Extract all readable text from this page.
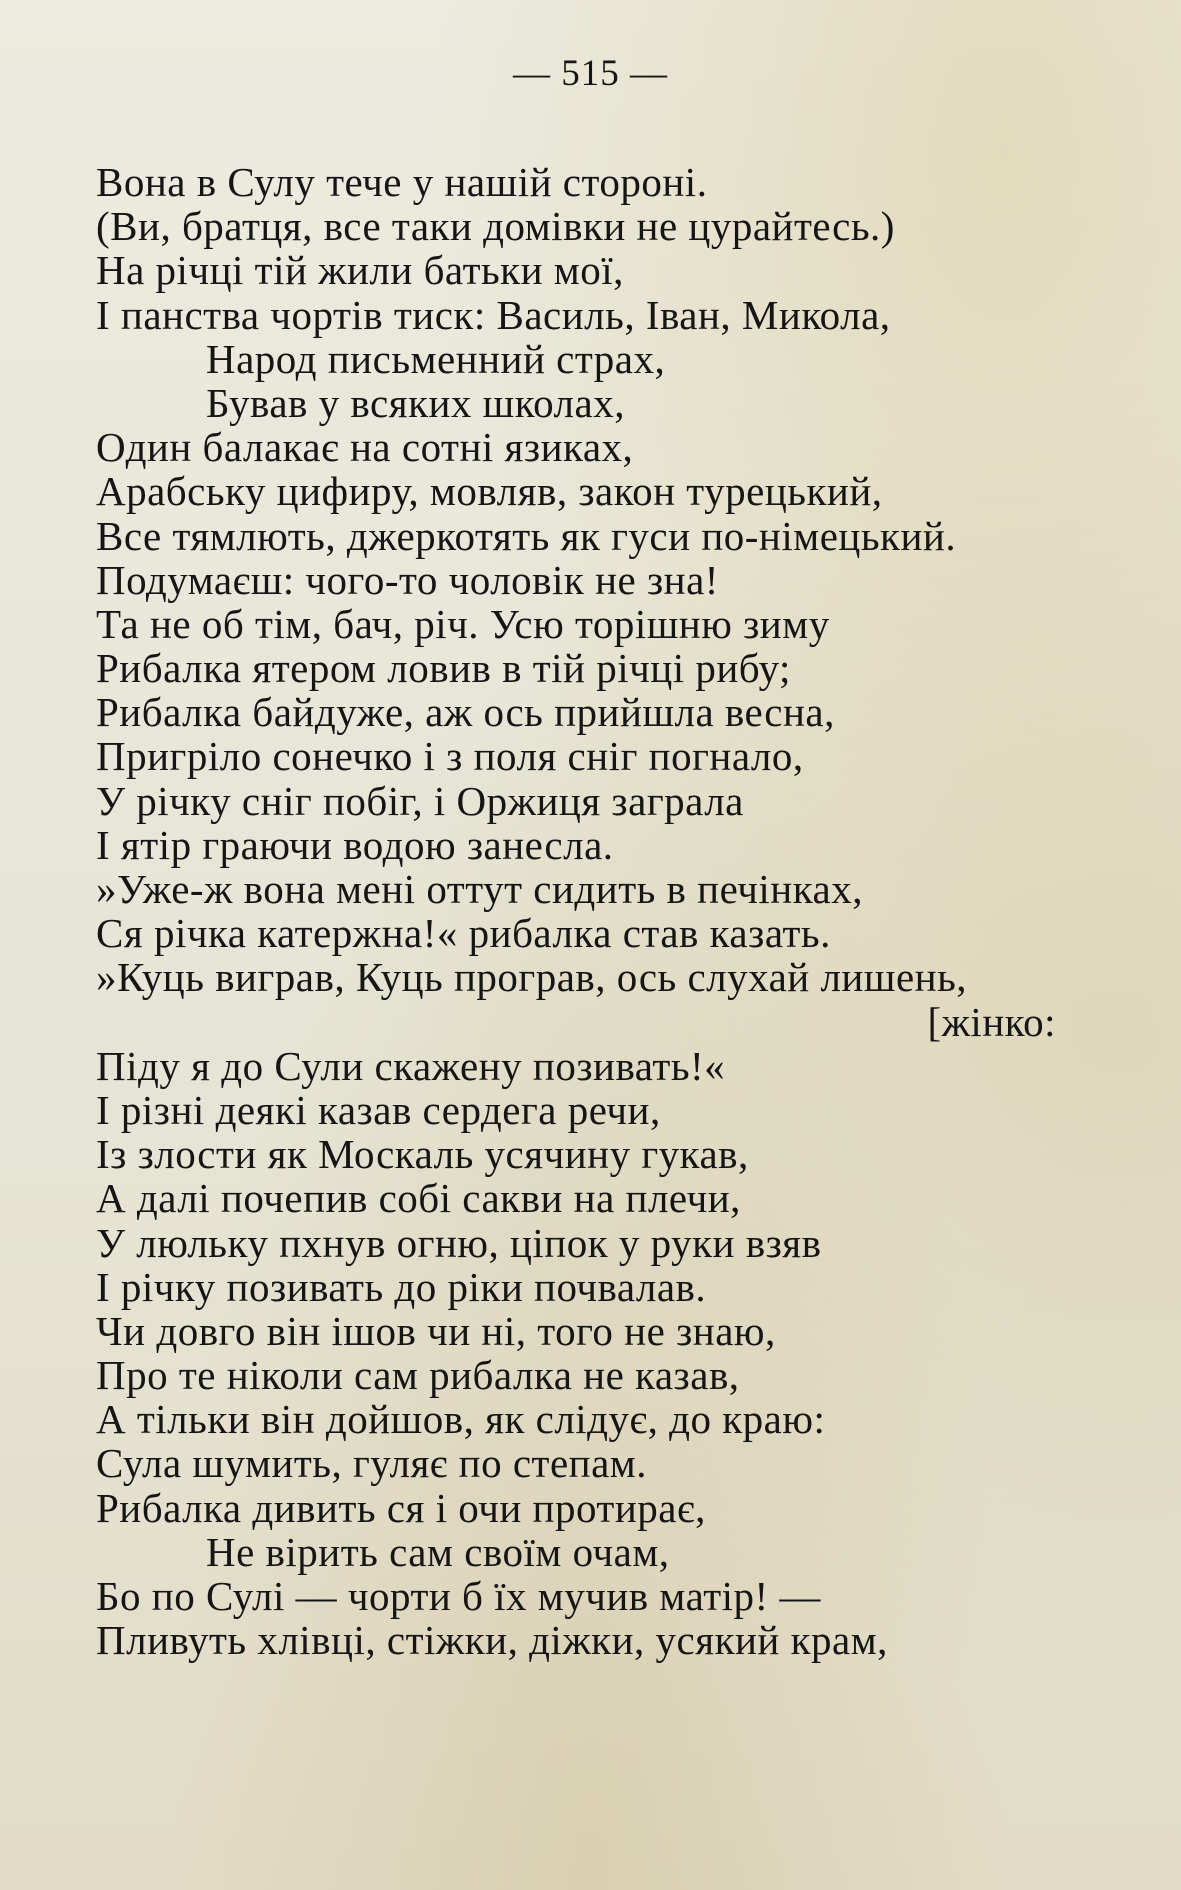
— 515 —
Вона в Сулу тече у нашій стороні.
(Ви, братця, все таки домівки не цурайтесь.)
На річці тій жили батьки мої,
І панства чортів тиск: Василь, Іван, Микола,
Народ письменний страх,
Бував у всяких школах,
Один балакає на сотні язиках,
Арабську цифиру, мовляв, закон турецький,
Все тямлють, джеркотять як гуси по-німецький.
Подумаєш: чого-то чоловік не зна!
Та не об тім, бач, річ. Усю торішню зиму
Рибалка ятером ловив в тій річці рибу;
Рибалка байдуже, аж ось прийшла весна,
Пригріло сонечко і з поля сніг погнало,
У річку сніг побіг, і Оржиця заграла
І ятір граючи водою занесла.
»Уже-ж вона мені оттут сидить в печінках,
Ся річка катержна!« рибалка став казать.
»Куць виграв, Куць програв, ось слухай лишень,
[жінко:
Піду я до Сули скажену позивать!«
І різні деякі казав сердега речи,
Із злости як Москаль усячину гукав,
А далі почепив собі сакви на плечи,
У люльку пхнув огню, ціпок у руки взяв
І річку позивать до ріки почвалав.
Чи довго він ішов чи ні, того не знаю,
Про те ніколи сам рибалка не казав,
А тільки він дойшов, як слідує, до краю:
Сула шумить, гуляє по степам.
Рибалка дивить ся і очи протирає,
Не вірить сам своїм очам,
Бо по Сулі — чорти б їх мучив матір! —
Пливуть хлівці, стіжки, діжки, усякий крам,
